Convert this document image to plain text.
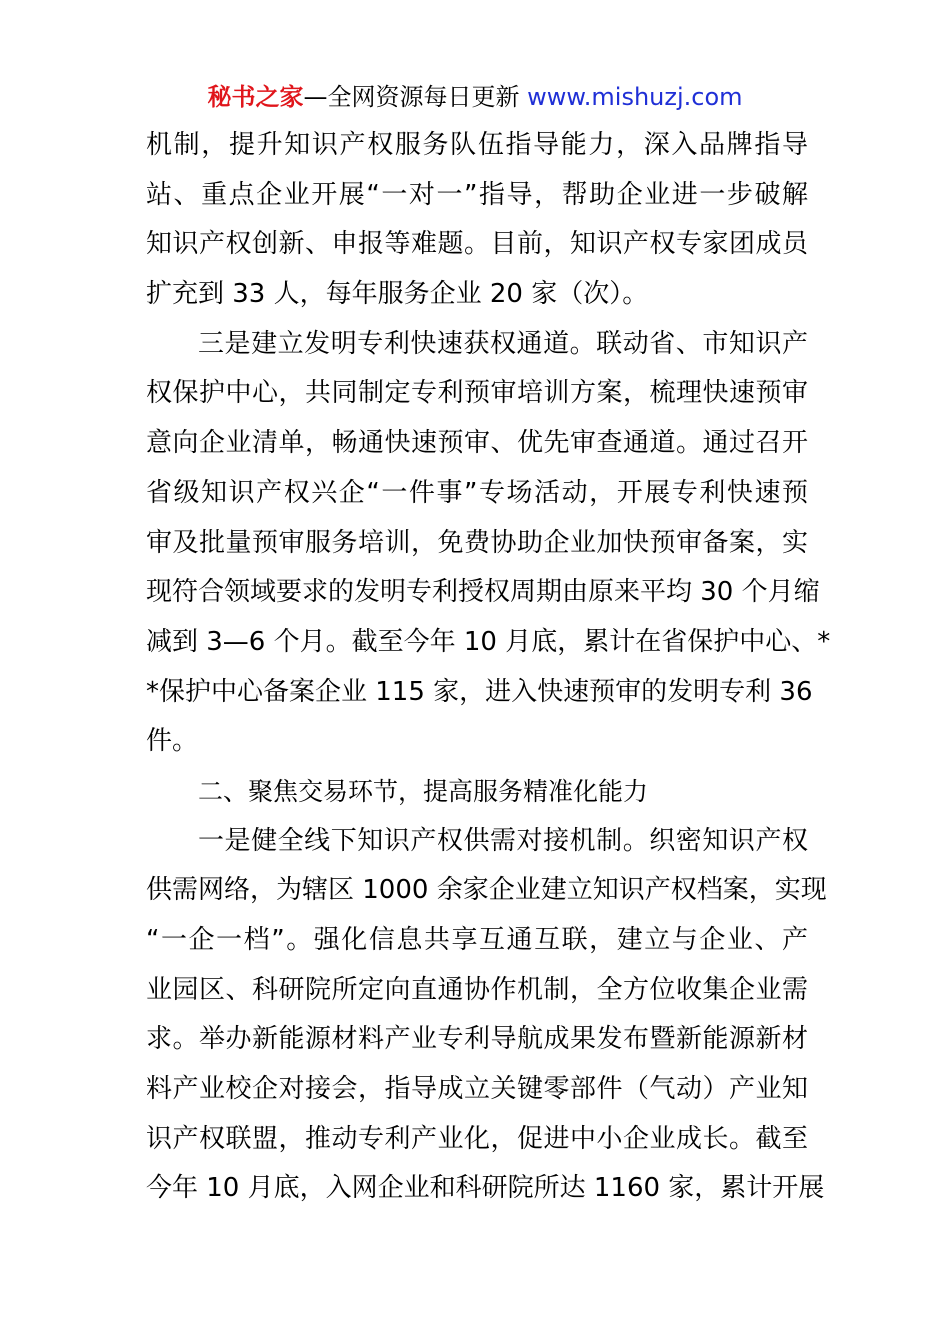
秘书之家—全网资源每日更新 www.mishuzj.com
机制，提升知识产权服务队伍指导能力，深入品牌指导
站、重点企业开展“一对一”指导，帮助企业进一步破解
知识产权创新、申报等难题。目前，知识产权专家团成员
扩充到 33 人，每年服务企业 20 家（次）。
三是建立发明专利快速获权通道。联动省、市知识产
权保护中心，共同制定专利预审培训方案，梳理快速预审
意向企业清单，畅通快速预审、优先审查通道。通过召开
省级知识产权兴企“一件事”专场活动，开展专利快速预
审及批量预审服务培训，免费协助企业加快预审备案，实
现符合领域要求的发明专利授权周期由原来平均 30 个月缩
减到 3—6 个月。截至今年 10 月底，累计在省保护中心、*
*保护中心备案企业 115 家，进入快速预审的发明专利 36
件。
二、聚焦交易环节，提高服务精准化能力
一是健全线下知识产权供需对接机制。织密知识产权
供需网络，为辖区 1000 余家企业建立知识产权档案，实现
“一企一档”。强化信息共享互通互联，建立与企业、产
业园区、科研院所定向直通协作机制，全方位收集企业需
求。举办新能源材料产业专利导航成果发布暨新能源新材
料产业校企对接会，指导成立关键零部件（气动）产业知
识产权联盟，推动专利产业化，促进中小企业成长。截至
今年 10 月底，入网企业和科研院所达 1160 家，累计开展
